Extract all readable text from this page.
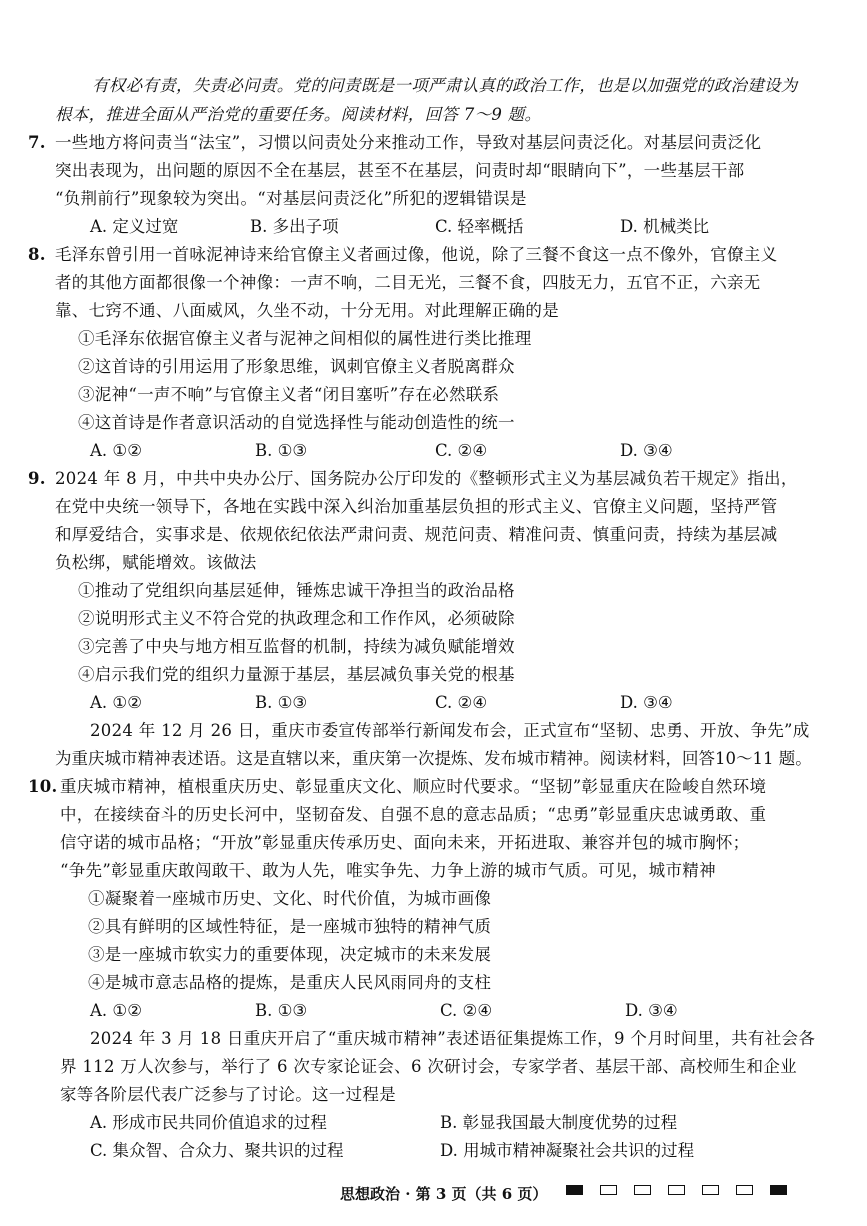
有权必有责，失责必问责。党的问责既是一项严肃认真的政治工作，也是以加强党的政治建设为
根本，推进全面从严治党的重要任务。阅读材料，回答 7～9 题。
7. 一些地方将问责当“法宝”，习惯以问责处分来推动工作，导致对基层问责泛化。对基层问责泛化
突出表现为，出问题的原因不全在基层，甚至不在基层，问责时却“眼睛向下”，一些基层干部
“负荆前行”现象较为突出。“对基层问责泛化”所犯的逻辑错误是
A. 定义过宽	B. 多出子项	C. 轻率概括	D. 机械类比
8. 毛泽东曾引用一首咏泥神诗来给官僚主义者画过像，他说，除了三餐不食这一点不像外，官僚主义
者的其他方面都很像一个神像：一声不响，二目无光，三餐不食，四肢无力，五官不正，六亲无
靠、七窍不通、八面威风，久坐不动，十分无用。对此理解正确的是
①毛泽东依据官僚主义者与泥神之间相似的属性进行类比推理
②这首诗的引用运用了形象思维，讽刺官僚主义者脱离群众
③泥神“一声不响”与官僚主义者“闭目塞听”存在必然联系
④这首诗是作者意识活动的自觉选择性与能动创造性的统一
A. ①②	B. ①③	C. ②④	D. ③④
9. 2024 年 8 月，中共中央办公厅、国务院办公厅印发的《整顿形式主义为基层减负若干规定》指出，
在党中央统一领导下，各地在实践中深入纠治加重基层负担的形式主义、官僚主义问题，坚持严管
和厚爱结合，实事求是、依规依纪依法严肃问责、规范问责、精准问责、慎重问责，持续为基层减
负松绑，赋能增效。该做法
①推动了党组织向基层延伸，锤炼忠诚干净担当的政治品格
②说明形式主义不符合党的执政理念和工作作风，必须破除
③完善了中央与地方相互监督的机制，持续为减负赋能增效
④启示我们党的组织力量源于基层，基层减负事关党的根基
A. ①②	B. ①③	C. ②④	D. ③④
2024 年 12 月 26 日，重庆市委宣传部举行新闻发布会，正式宣布“坚韧、忠勇、开放、争先”成
为重庆城市精神表述语。这是直辖以来，重庆第一次提炼、发布城市精神。阅读材料，回答10～11 题。
10. 重庆城市精神，植根重庆历史、彰显重庆文化、顺应时代要求。“坚韧”彰显重庆在险峻自然环境
中，在接续奋斗的历史长河中，坚韧奋发、自强不息的意志品质；“忠勇”彰显重庆忠诚勇敢、重
信守诺的城市品格；“开放”彰显重庆传承历史、面向未来，开拓进取、兼容并包的城市胸怀；
“争先”彰显重庆敢闯敢干、敢为人先，唯实争先、力争上游的城市气质。可见，城市精神
①凝聚着一座城市历史、文化、时代价值，为城市画像
②具有鲜明的区域性特征，是一座城市独特的精神气质
③是一座城市软实力的重要体现，决定城市的未来发展
④是城市意志品格的提炼，是重庆人民风雨同舟的支柱
A. ①②	B. ①③	C. ②④	D. ③④
2024 年 3 月 18 日重庆开启了“重庆城市精神”表述语征集提炼工作，9 个月时间里，共有社会各
界 112 万人次参与，举行了 6 次专家论证会、6 次研讨会，专家学者、基层干部、高校师生和企业
家等各阶层代表广泛参与了讨论。这一过程是
A. 形成市民共同价值追求的过程	B. 彰显我国最大制度优势的过程
C. 集众智、合众力、聚共识的过程	D. 用城市精神凝聚社会共识的过程
思想政治 · 第 3 页（共 6 页）
